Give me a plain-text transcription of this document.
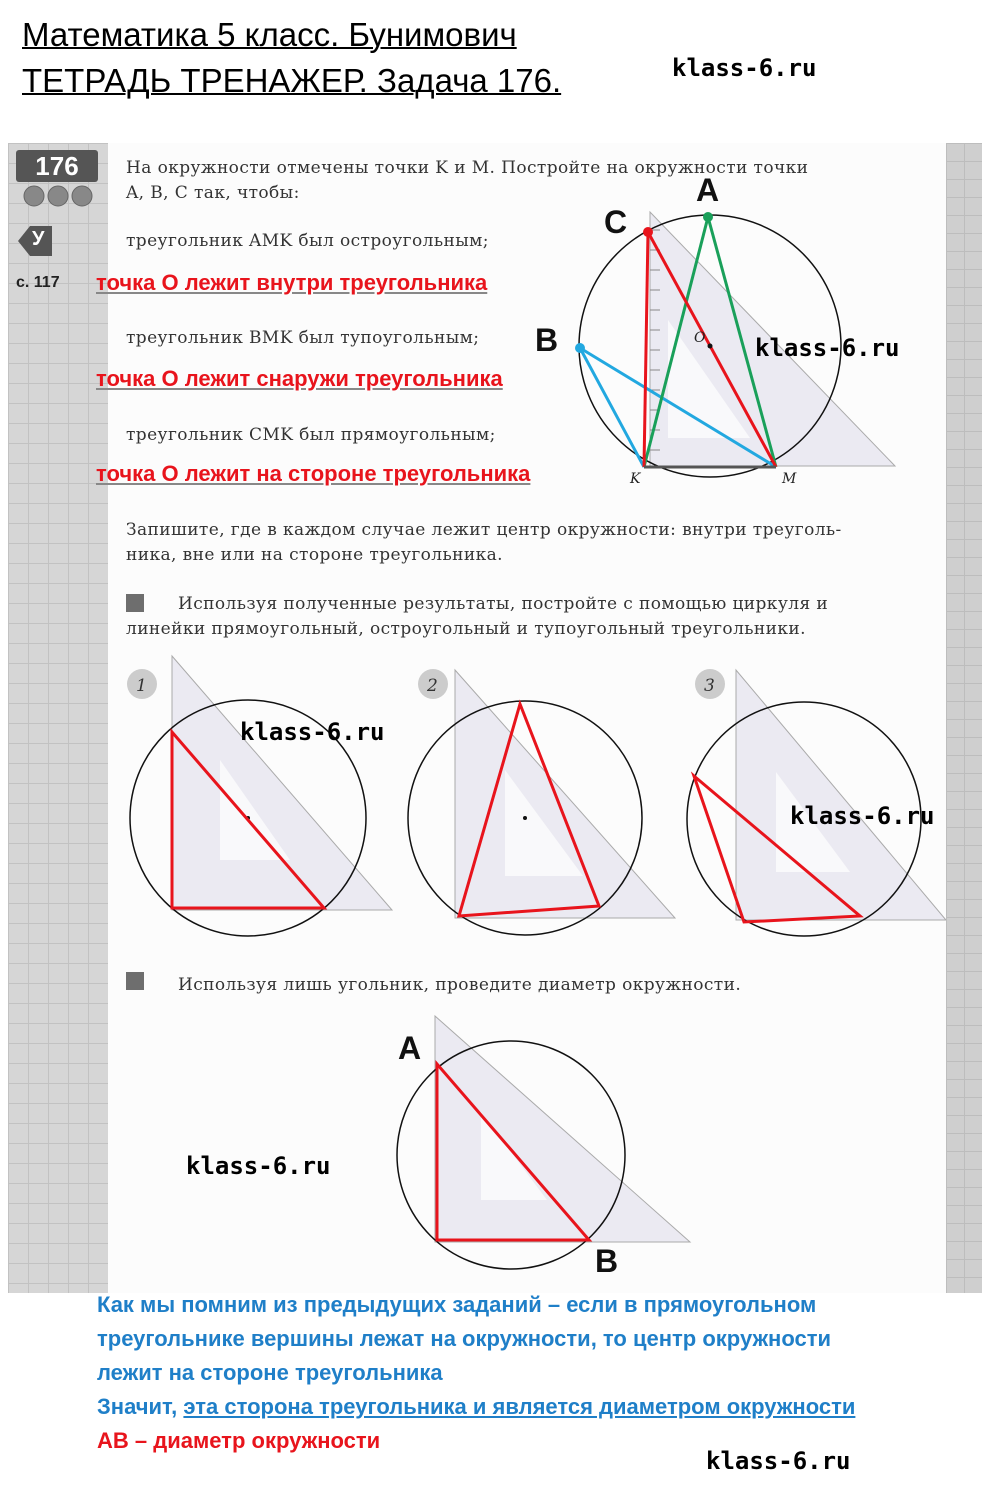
Математика 5 класс. Бунимович
ТЕТРАДЬ ТРЕНАЖЕР. Задача 176.
176
У
с. 117
На окружности отмечены точки K и M. Постройте на окружности точки
A, B, C так, чтобы:
треугольник AMK был остроугольным;
треугольник BMK был тупоугольным;
треугольник CMK был прямоугольным;
точка О лежит внутри треугольника
точка О лежит снаружи треугольника
точка О лежит на стороне треугольника
Запишите, где в каждом случае лежит центр окружности: внутри треуголь-
ника, вне или на стороне треугольника.
Используя полученные результаты, постройте с помощью циркуля и
линейки прямоугольный, остроугольный и тупоугольный треугольники.
Используя лишь угольник, проведите диаметр окружности.
K	M
O
A
B
C
1	2	3
A
B
klass-6.ru
klass-6.ru
klass-6.ru
klass-6.ru
klass-6.ru
klass-6.ru
Как мы помним из предыдущих заданий – если в прямоугольном
треугольнике вершины лежат на окружности, то центр окружности
лежит на стороне треугольника
Значит, эта сторона треугольника и является диаметром окружности
АВ – диаметр окружности
